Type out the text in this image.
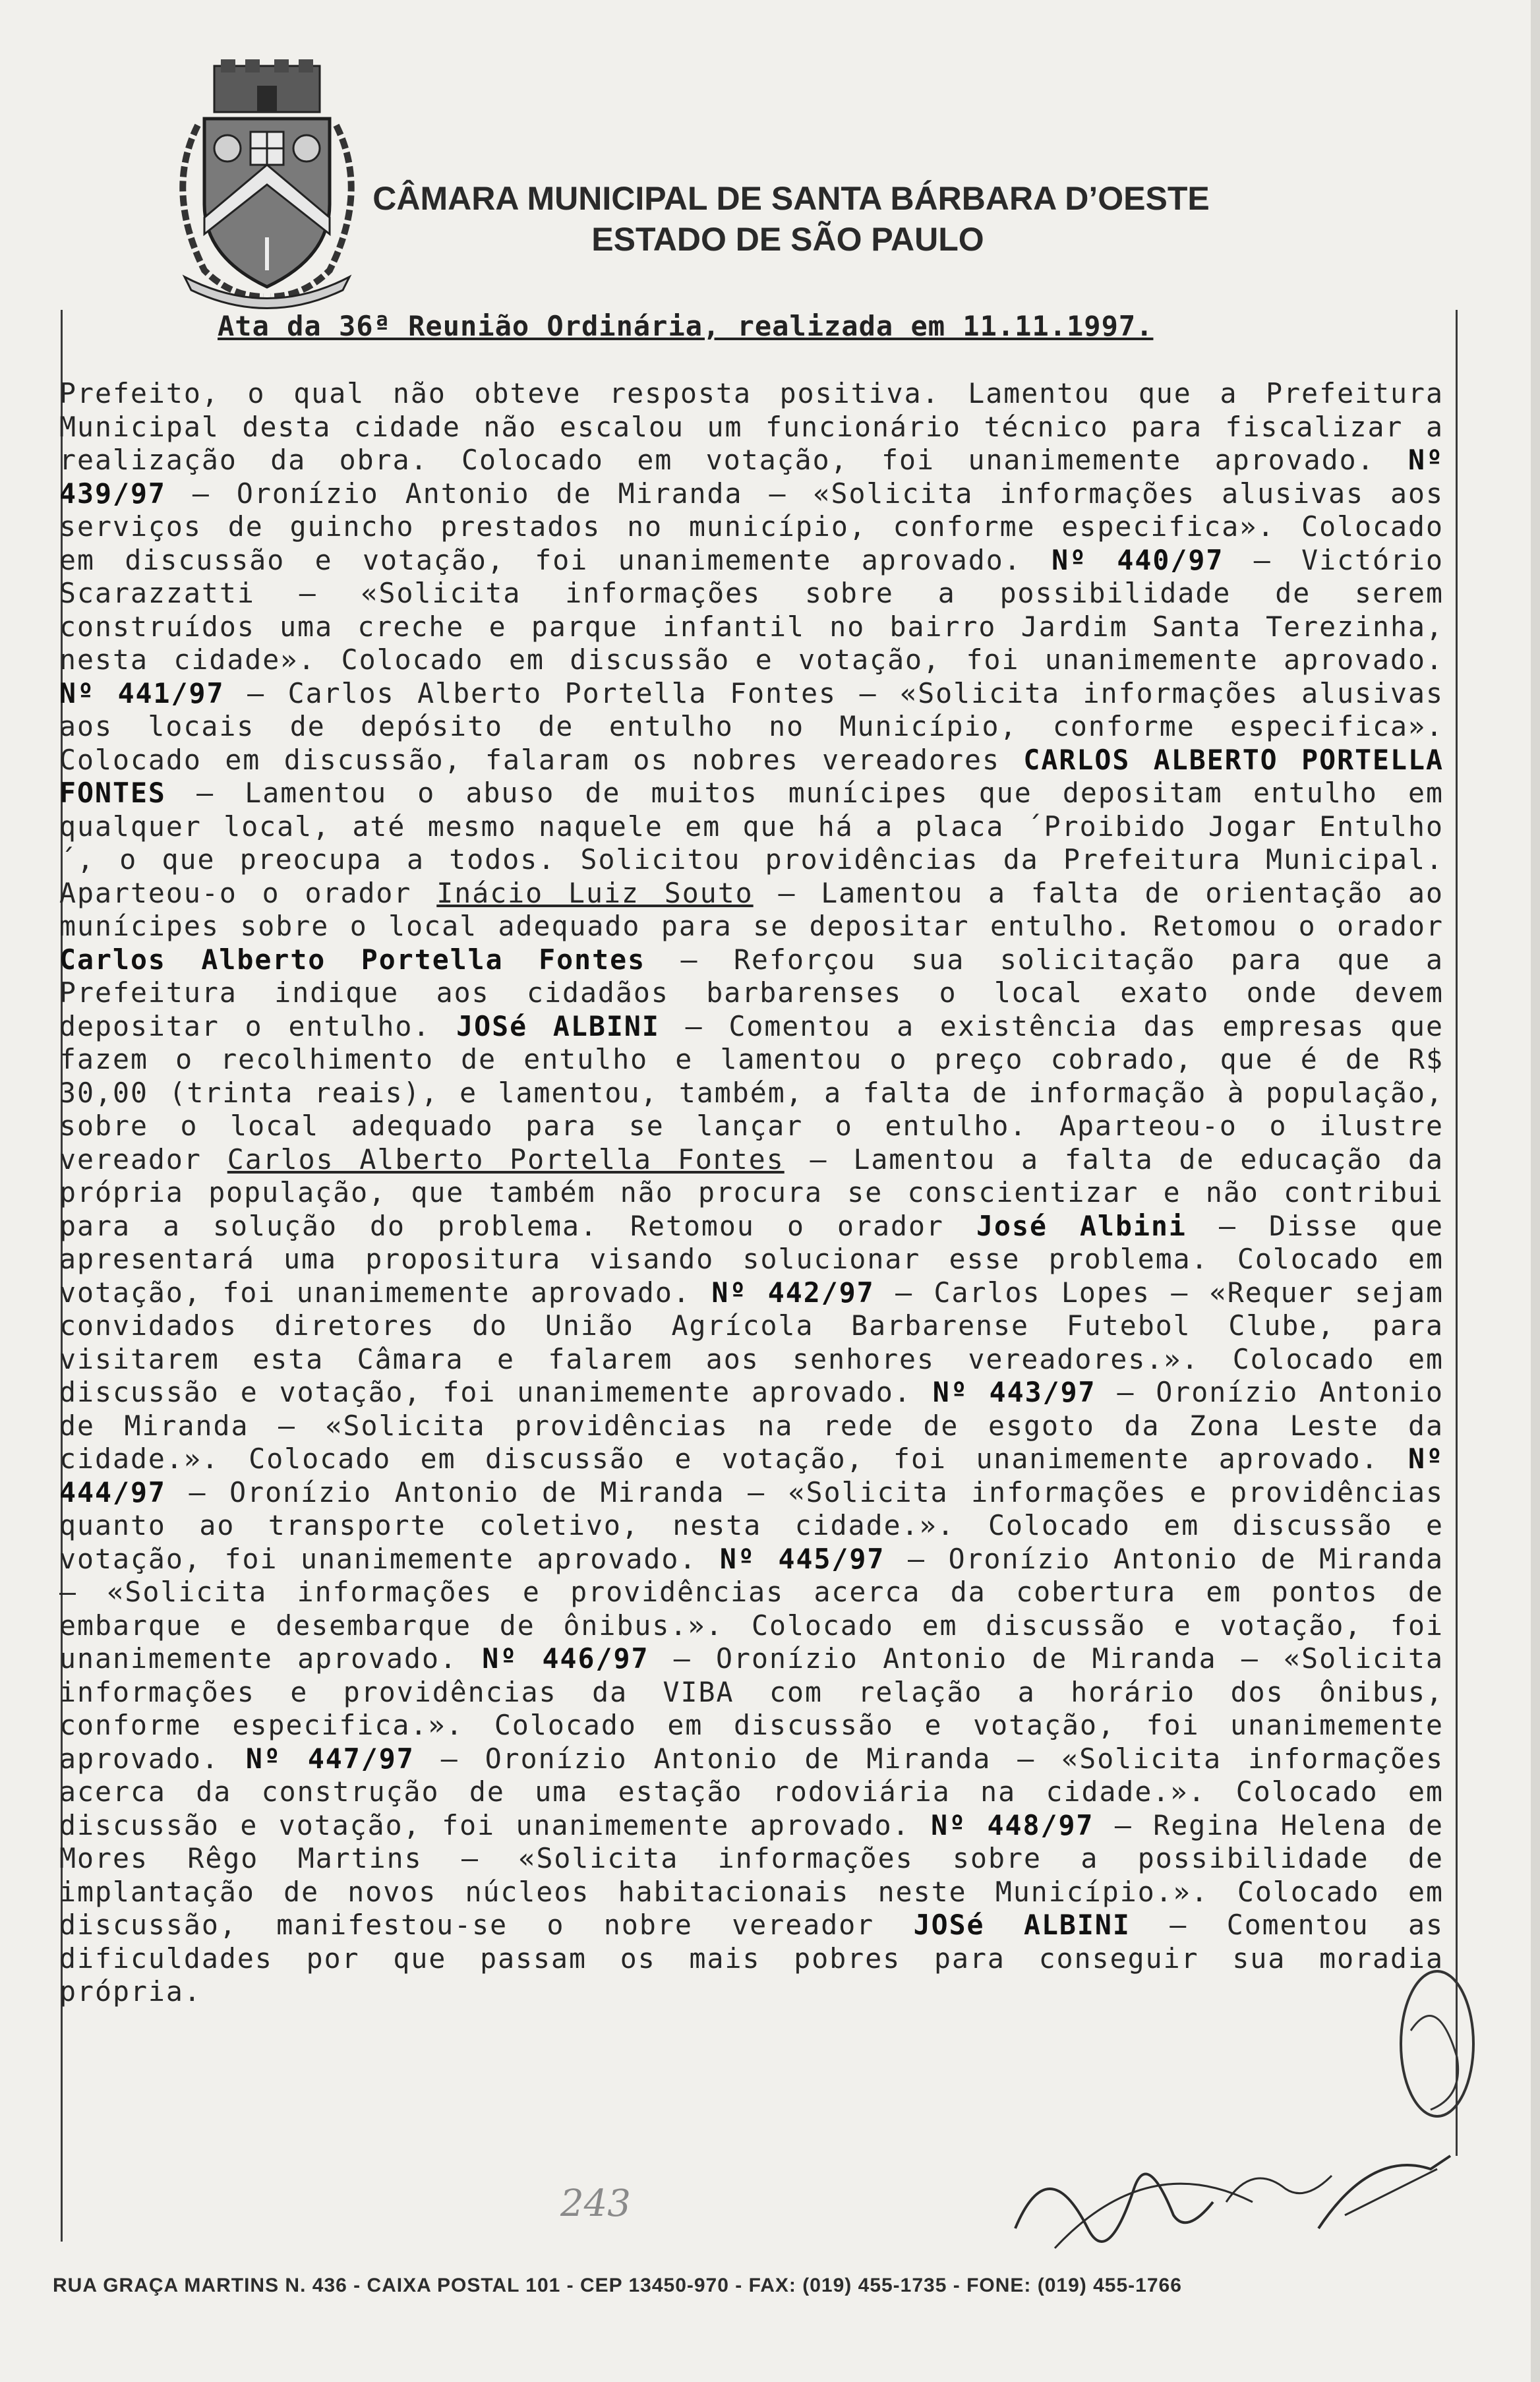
CÂMARA MUNICIPAL DE SANTA BÁRBARA D’OESTE
ESTADO DE SÃO PAULO
Ata da 36ª Reunião Ordinária, realizada em 11.11.1997.
Prefeito, o qual não obteve resposta positiva. Lamentou que a Prefeitura Municipal desta cidade não escalou um funcionário técnico para fiscalizar a realização da obra. Colocado em votação, foi unanimemente aprovado. Nº 439/97 – Oronízio Antonio de Miranda – «Solicita informações alusivas aos serviços de guincho prestados no município, conforme especifica». Colocado em discussão e votação, foi unanimemente aprovado. Nº 440/97 – Victório Scarazzatti – «Solicita informações sobre a possibilidade de serem construídos uma creche e parque infantil no bairro Jardim Santa Terezinha, nesta cidade». Colocado em discussão e votação, foi unanimemente aprovado. Nº 441/97 – Carlos Alberto Portella Fontes – «Solicita informações alusivas aos locais de depósito de entulho no Município, conforme especifica». Colocado em discussão, falaram os nobres vereadores CARLOS ALBERTO PORTELLA FONTES – Lamentou o abuso de muitos munícipes que depositam entulho em qualquer local, até mesmo naquele em que há a placa ´Proibido Jogar Entulho´, o que preocupa a todos. Solicitou providências da Prefeitura Municipal. Aparteou-o o orador Inácio Luiz Souto – Lamentou a falta de orientação ao munícipes sobre o local adequado para se depositar entulho. Retomou o orador Carlos Alberto Portella Fontes – Reforçou sua solicitação para que a Prefeitura indique aos cidadãos barbarenses o local exato onde devem depositar o entulho. JOSé ALBINI – Comentou a existência das empresas que fazem o recolhimento de entulho e lamentou o preço cobrado, que é de R$ 30,00 (trinta reais), e lamentou, também, a falta de informação à população, sobre o local adequado para se lançar o entulho. Aparteou-o o ilustre vereador Carlos Alberto Portella Fontes – Lamentou a falta de educação da própria população, que também não procura se conscientizar e não contribui para a solução do problema. Retomou o orador José Albini – Disse que apresentará uma propositura visando solucionar esse problema. Colocado em votação, foi unanimemente aprovado. Nº 442/97 – Carlos Lopes – «Requer sejam convidados diretores do União Agrícola Barbarense Futebol Clube, para visitarem esta Câmara e falarem aos senhores vereadores.». Colocado em discussão e votação, foi unanimemente aprovado. Nº 443/97 – Oronízio Antonio de Miranda – «Solicita providências na rede de esgoto da Zona Leste da cidade.». Colocado em discussão e votação, foi unanimemente aprovado. Nº 444/97 – Oronízio Antonio de Miranda – «Solicita informações e providências quanto ao transporte coletivo, nesta cidade.». Colocado em discussão e votação, foi unanimemente aprovado. Nº 445/97 – Oronízio Antonio de Miranda – «Solicita informações e providências acerca da cobertura em pontos de embarque e desembarque de ônibus.». Colocado em discussão e votação, foi unanimemente aprovado. Nº 446/97 – Oronízio Antonio de Miranda – «Solicita informações e providências da VIBA com relação a horário dos ônibus, conforme especifica.». Colocado em discussão e votação, foi unanimemente aprovado. Nº 447/97 – Oronízio Antonio de Miranda – «Solicita informações acerca da construção de uma estação rodoviária na cidade.». Colocado em discussão e votação, foi unanimemente aprovado. Nº 448/97 – Regina Helena de Mores Rêgo Martins – «Solicita informações sobre a possibilidade de implantação de novos núcleos habitacionais neste Município.». Colocado em discussão, manifestou-se o nobre vereador JOSé ALBINI – Comentou as dificuldades por que passam os mais pobres para conseguir sua moradia própria.
243
RUA GRAÇA MARTINS N. 436 - CAIXA POSTAL 101 - CEP 13450-970 - FAX: (019) 455-1735 - FONE: (019) 455-1766
